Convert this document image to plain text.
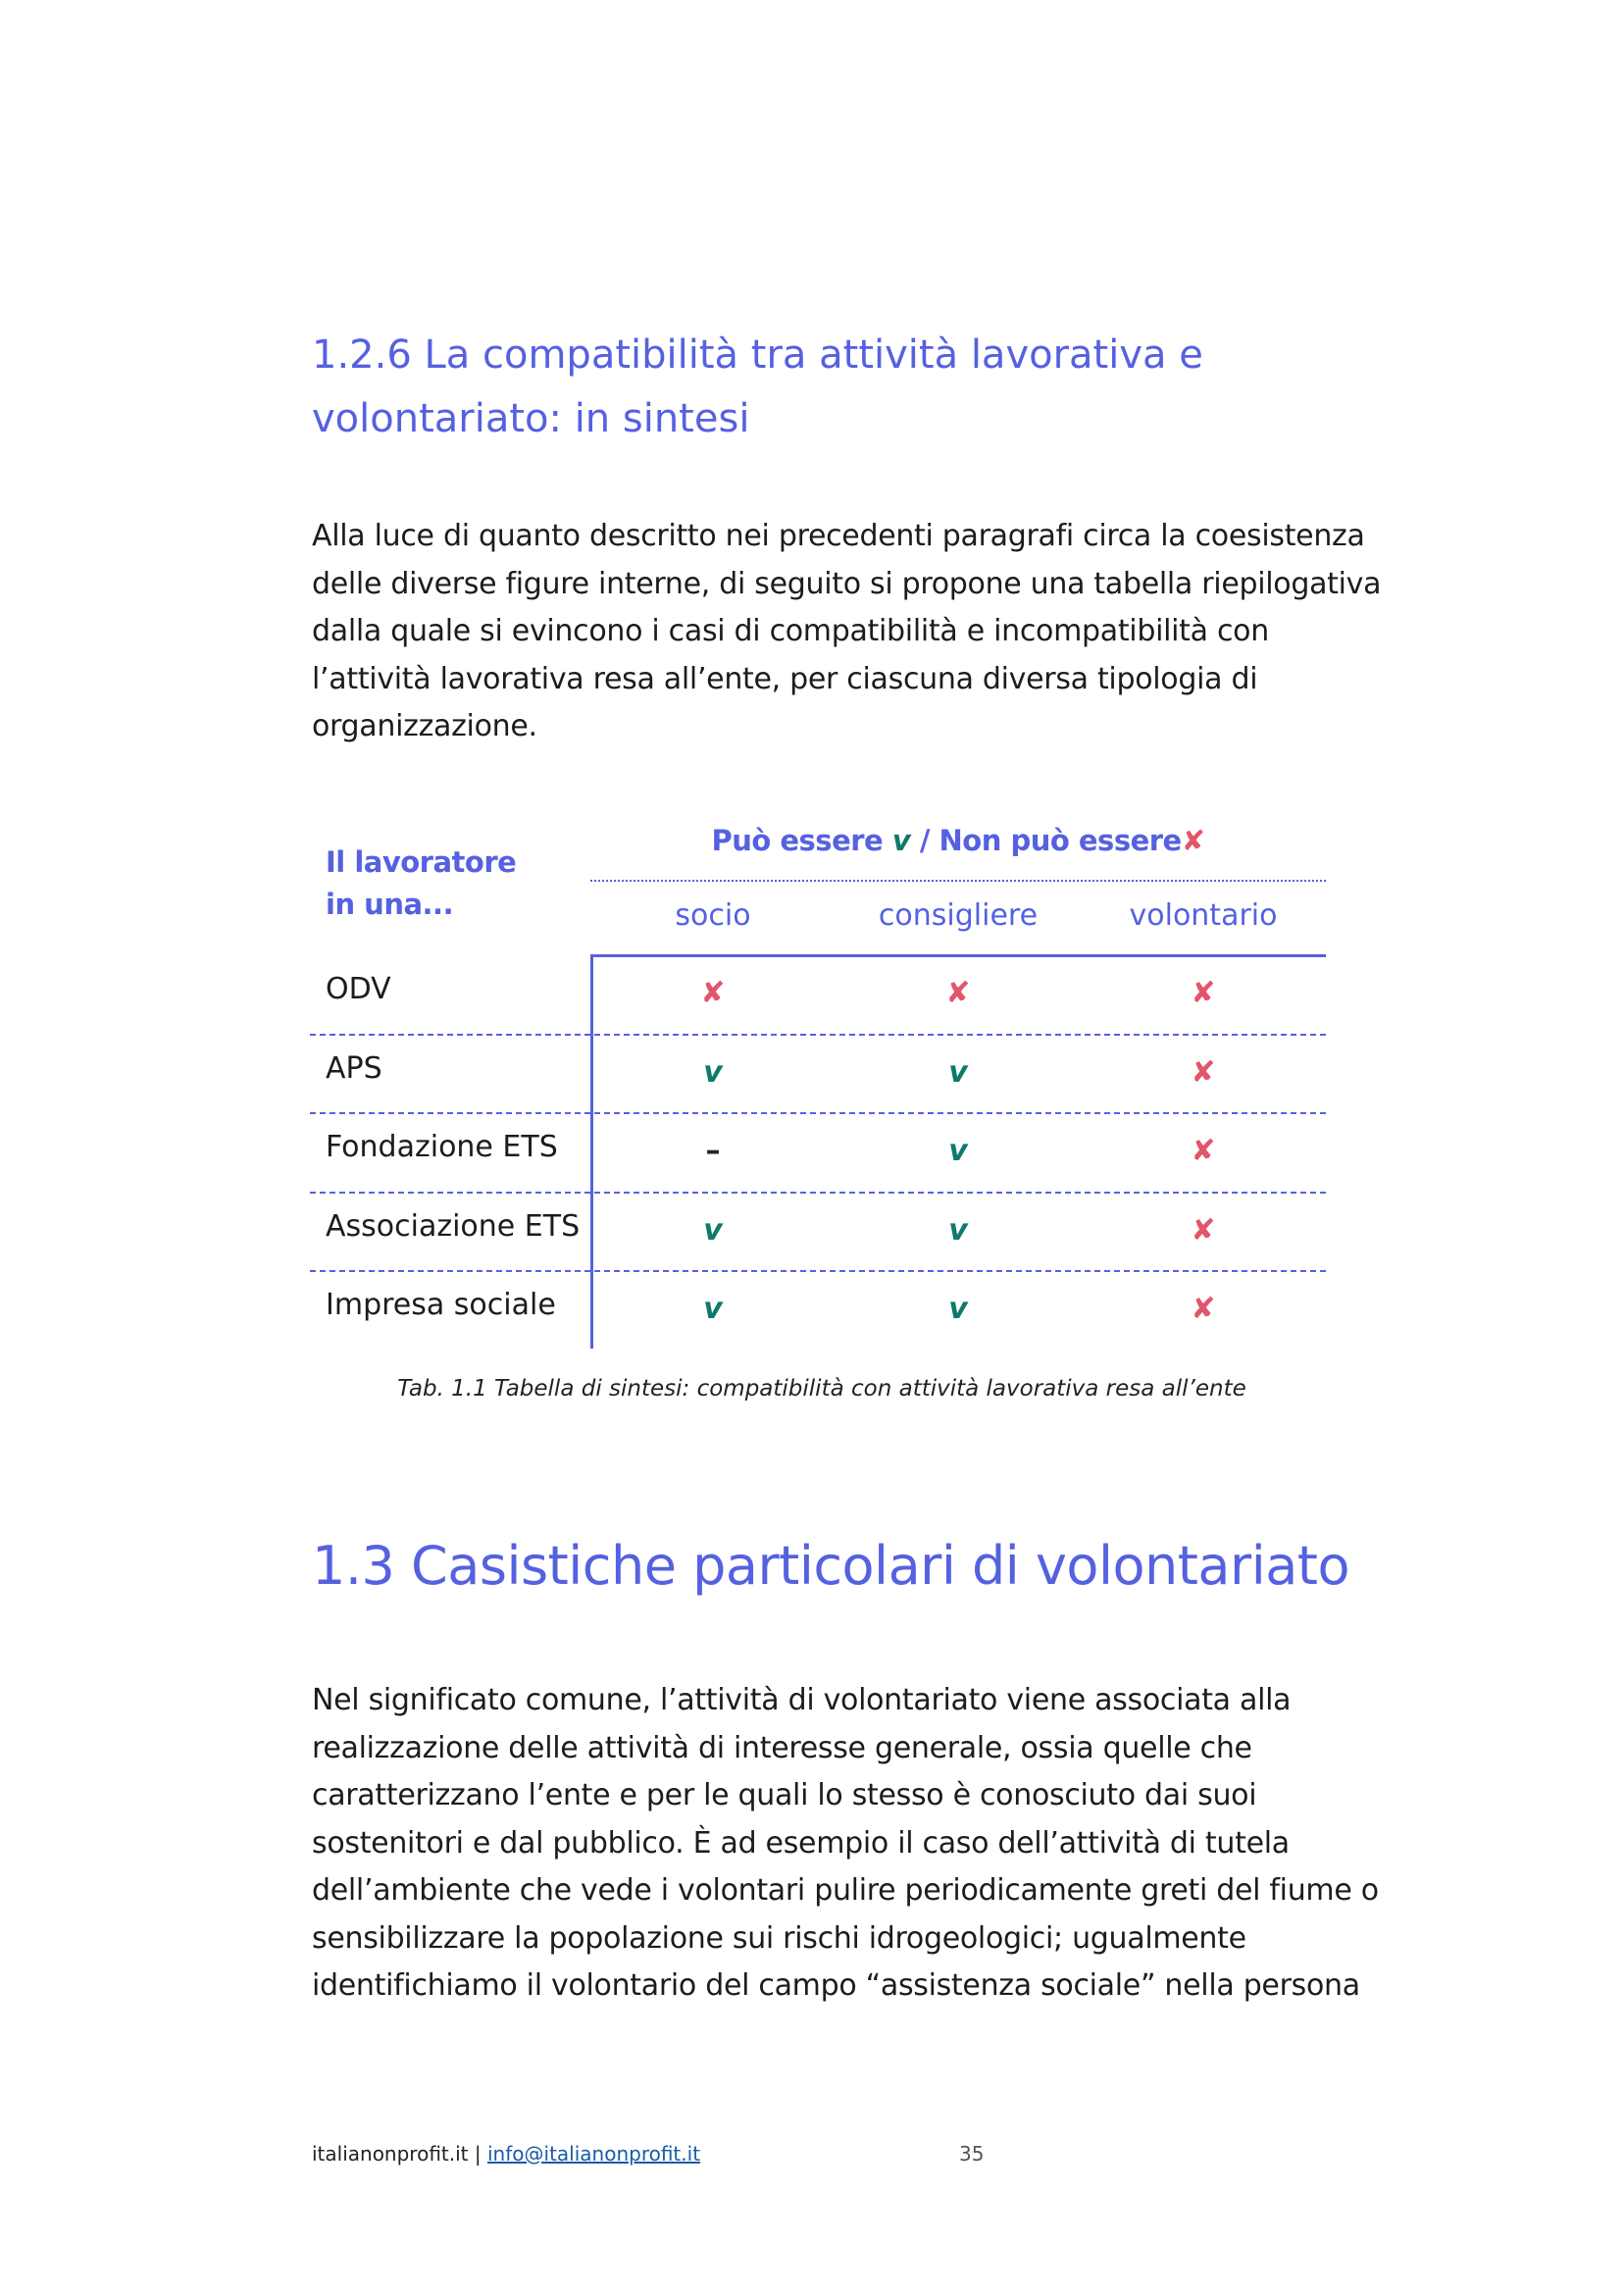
1.2.6 La compatibilità tra attività lavorativa e
volontariato: in sintesi

Alla luce di quanto descritto nei precedenti paragrafi circa la coesistenza
delle diverse figure interne, di seguito si propone una tabella riepilogativa
dalla quale si evincono i casi di compatibilità e incompatibilità con
l’attività lavorativa resa all’ente, per ciascuna diversa tipologia di
organizzazione.

Il lavoratore
in una...
Può essere v / Non può essere✘
socio	consigliere	volontario
ODV	✘	✘	✘
APS	v	v	✘
Fondazione ETS	–	v	✘
Associazione ETS	v	v	✘
Impresa sociale	v	v	✘

Tab. 1.1 Tabella di sintesi: compatibilità con attività lavorativa resa all’ente

1.3 Casistiche particolari di volontariato

Nel significato comune, l’attività di volontariato viene associata alla
realizzazione delle attività di interesse generale, ossia quelle che
caratterizzano l’ente e per le quali lo stesso è conosciuto dai suoi
sostenitori e dal pubblico. È ad esempio il caso dell’attività di tutela
dell’ambiente che vede i volontari pulire periodicamente greti del fiume o
sensibilizzare la popolazione sui rischi idrogeologici; ugualmente
identifichiamo il volontario del campo “assistenza sociale” nella persona

italianonprofit.it | info@italianonprofit.it	35
